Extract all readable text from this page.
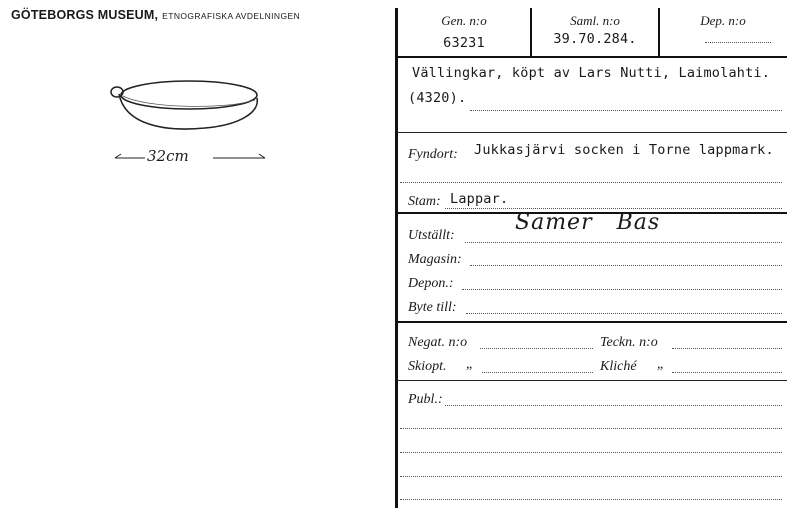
GÖTEBORGS MUSEUM, ETNOGRAFISKA AVDELNINGEN
32cm
Gen. n:o
63231
Saml. n:o
39.70.284.
Dep. n:o
Vällingkar, köpt av Lars Nutti, Laimolahti.
(4320).
Fyndort: Jukkasjärvi socken i Torne lappmark.
Stam: Lappar.
Utställt:
Samer   Bas
Magasin:
Depon.:
Byte till:
Negat. n:o	Teckn. n:o
Skiopt. „	Kliché „
Publ.:
